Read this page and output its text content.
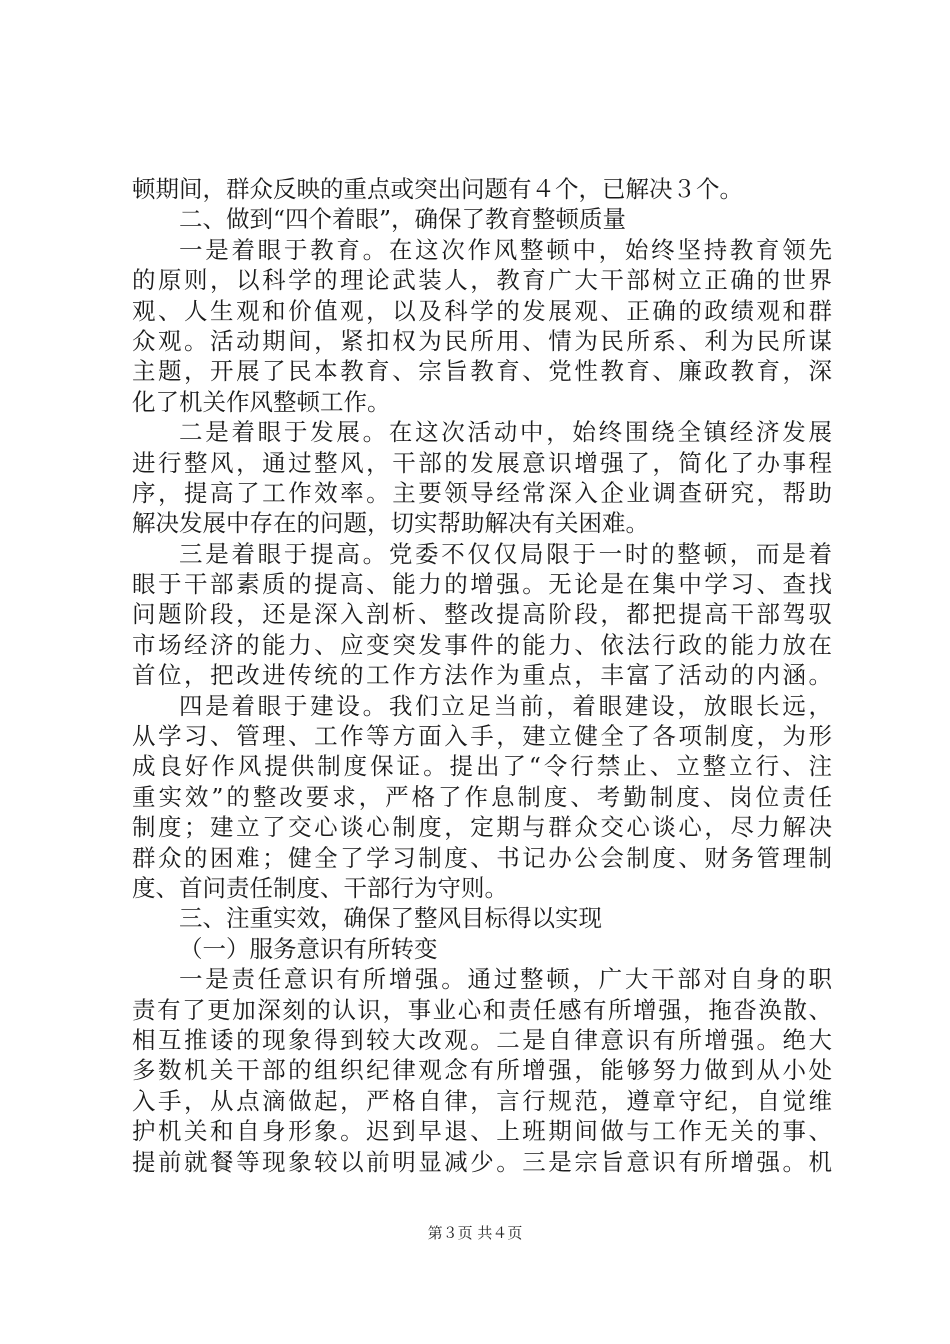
顿期间，群众反映的重点或突出问题有４个，已解决３个。
二、做到“四个着眼”，确保了教育整顿质量
一是着眼于教育。在这次作风整顿中，始终坚持教育领先
的原则，以科学的理论武装人，教育广大干部树立正确的世界
观、人生观和价值观，以及科学的发展观、正确的政绩观和群
众观。活动期间，紧扣权为民所用、情为民所系、利为民所谋
主题，开展了民本教育、宗旨教育、党性教育、廉政教育，深
化了机关作风整顿工作。
二是着眼于发展。在这次活动中，始终围绕全镇经济发展
进行整风，通过整风，干部的发展意识增强了，简化了办事程
序，提高了工作效率。主要领导经常深入企业调查研究，帮助
解决发展中存在的问题，切实帮助解决有关困难。
三是着眼于提高。党委不仅仅局限于一时的整顿，而是着
眼于干部素质的提高、能力的增强。无论是在集中学习、查找
问题阶段，还是深入剖析、整改提高阶段，都把提高干部驾驭
市场经济的能力、应变突发事件的能力、依法行政的能力放在
首位，把改进传统的工作方法作为重点，丰富了活动的内涵。
四是着眼于建设。我们立足当前，着眼建设，放眼长远，
从学习、管理、工作等方面入手，建立健全了各项制度，为形
成良好作风提供制度保证。提出了“令行禁止、立整立行、注
重实效”的整改要求，严格了作息制度、考勤制度、岗位责任
制度；建立了交心谈心制度，定期与群众交心谈心，尽力解决
群众的困难；健全了学习制度、书记办公会制度、财务管理制
度、首问责任制度、干部行为守则。
三、注重实效，确保了整风目标得以实现
（一）服务意识有所转变
一是责任意识有所增强。通过整顿，广大干部对自身的职
责有了更加深刻的认识，事业心和责任感有所增强，拖沓涣散、
相互推诿的现象得到较大改观。二是自律意识有所增强。绝大
多数机关干部的组织纪律观念有所增强，能够努力做到从小处
入手，从点滴做起，严格自律，言行规范，遵章守纪，自觉维
护机关和自身形象。迟到早退、上班期间做与工作无关的事、
提前就餐等现象较以前明显减少。三是宗旨意识有所增强。机
第３页 共４页
